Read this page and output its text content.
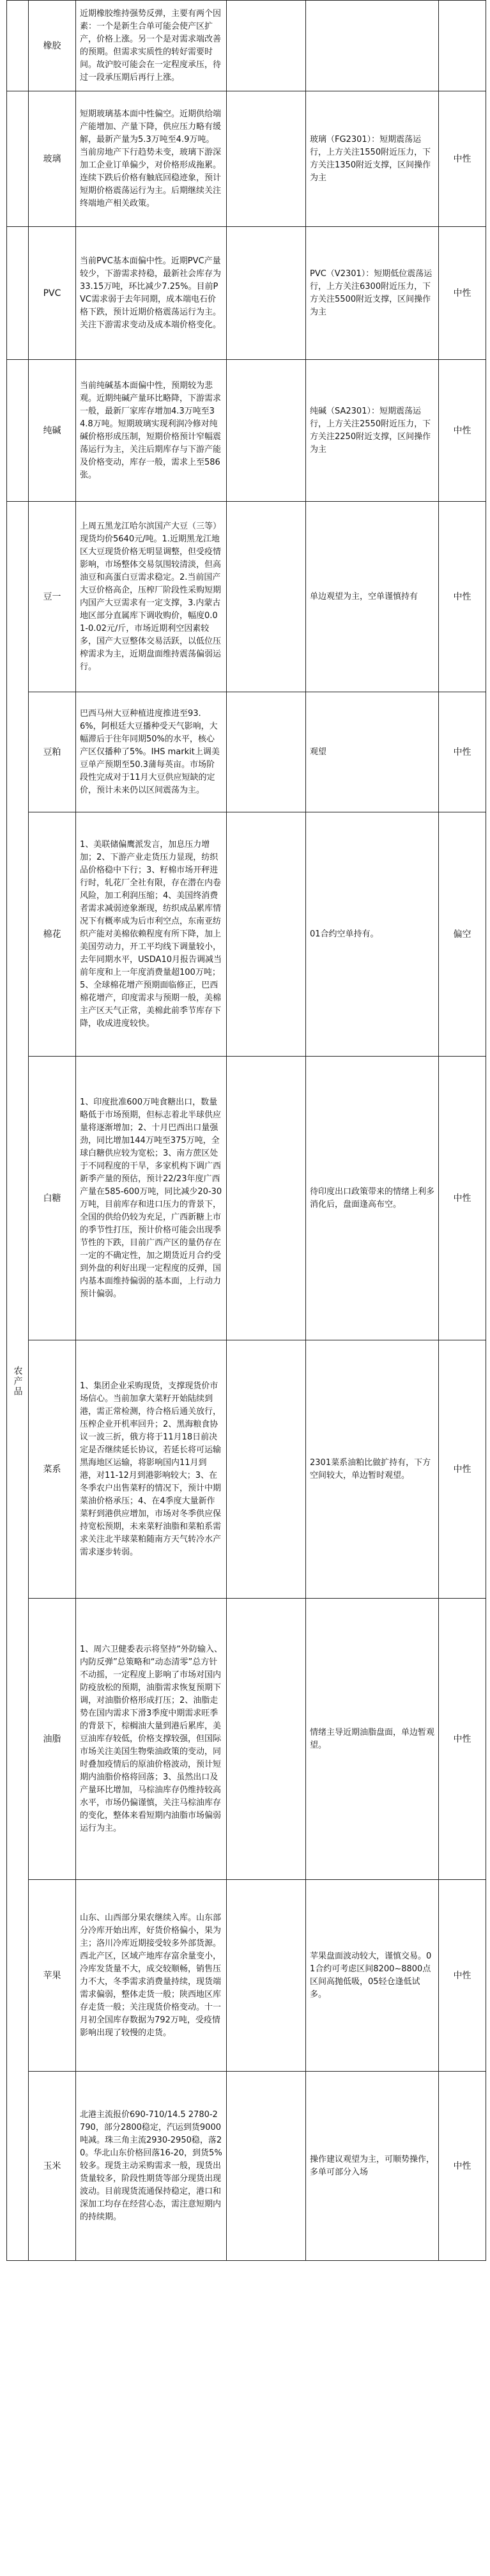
	橡胶	近期橡胶维持强势反弹，主要有两个因素：一个是新生合单可能会使产区扩产，价格上涨。另一个是对需求端改善的预期。但需求实质性的转好需要时间。故沪胶可能会在一定程度承压，待过一段承压期后再行上涨。			
	玻璃	短期玻璃基本面中性偏空。近期供给端产能增加、产量下降，供应压力略有缓解，最新产量为5.3万吨至4.9万吨。当前房地产下行趋势未变，玻璃下游深加工企业订单偏少，对价格形成拖累。连续下跌后价格有触底回稳迹象，预计短期价格震荡运行为主。后期继续关注终端地产相关政策。		玻璃（FG2301）：短期震荡运行，上方关注1550附近压力，下方关注1350附近支撑，区间操作为主	中性
	PVC	当前PVC基本面偏中性。近期PVC产量较少，下游需求持稳，最新社会库存为33.15万吨，环比减少7.25%。目前PVC需求弱于去年同期，成本端电石价格下跌，预计近期价格震荡运行为主。关注下游需求变动及成本端价格变化。		PVC（V2301）：短期低位震荡运行，上方关注6300附近压力，下方关注5500附近支撑，区间操作为主	中性
	纯碱	当前纯碱基本面偏中性，预期较为悲观。近期纯碱产量环比略降，下游需求一般，最新厂家库存增加4.3万吨至34.8万吨。短期玻璃实现利润冷修对纯碱价格形成压制，短期价格预计窄幅震荡运行为主，关注后期库存与下游产能及价格变动，库存一般，需求上至586张。		纯碱（SA2301）：短期震荡运行，上方关注2550附近压力，下方关注2250附近支撑，区间操作为主	中性
农产品	豆一	上周五黑龙江哈尔滨国产大豆（三等）现货均价5640元/吨。1.近期黑龙江地区大豆现货价格无明显调整，但受疫情影响，市场整体交易氛围较清淡，但高油豆和高蛋白豆需求稳定。2.当前国产大豆价格高企，压榨厂阶段性采购短期内国产大豆需求有一定支撑，3.内蒙古地区部分直属库下调收购价，幅度0.01-0.02元/斤，市场近期利空因素较多，国产大豆整体交易活跃，以低位压榨需求为主，近期盘面维持震荡偏弱运行。		单边观望为主，空单谨慎持有	中性
	豆粕	巴西马州大豆种植进度推进至93.6%，阿根廷大豆播种受天气影响，大幅滞后于往年同期50%的水平，核心产区仅播种了5%。IHS markit上调美豆单产预期至50.3蒲每英亩。市场阶段性完成对于11月大豆供应短缺的定价，预计未来仍以区间震荡为主。		观望	中性
	棉花	1、美联储偏鹰派发言，加息压力增加；2、下游产业走货压力显现，纺织品价格稳中下行；3、籽棉市场开秤进行时，轧花厂全社有限，存在潜在内卷风险，加工利润压缩；4、美国终消费者需求减弱迹象渐现，纺织成品累库情况下有概率成为后市利空点，东南亚纺织产能对美棉依赖程度有所下降，加上美国劳动力，开工平均线下调量较小，去年同期水平，USDA10月报告调减当前年度和上一年度消费量超100万吨；5、全球棉花增产预期面临修正，巴西棉花增产，印度需求与预期一般，美棉主产区天气正常，美棉此前季节库存下降，收成进度较快。		01合约空单持有。	偏空
	白糖	1、印度批准600万吨食糖出口，数量略低于市场预期，但标志着北半球供应量将逐渐增加；2、十月巴西出口量强劲，同比增加144万吨至375万吨，全球白糖供应较为宽松；3、南方蔗区处于不同程度的干旱，多家机构下调广西新季产量的预估，预计22/23年度广西产量在585-600万吨，同比减少20-30万吨，目前库存和进口压力的背景下，全国的供给仍较为充足，广西新糖上市的季节性打压，预计价格可能会出现季节性的下跌，目前广西产区的量仍存在一定的不确定性，加之期货近月合约受到外盘的利好出现一定程度的反弹，国内基本面维持偏弱的基本面，上行动力预计偏弱。		待印度出口政策带来的情绪上利多消化后，盘面逢高布空。	中性
	菜系	1、集团企业采购现货，支撑现货价市场信心。当前加拿大菜籽开始陆续到港，需正常检测，待合格后通关放行，压榨企业开机率回升；2、黑海粮食协议一波三折，俄方将于11月18日前决定是否继续延长协议，若延长将可运输黑海地区运输，将影响国内11月到港，对11-12月到港影响较大；3、在冬季农户出售菜籽的情况下，预计中期菜油价格承压；4、在4季度大量新作菜籽到港供应增加，市场对冬季供应保持宽松预期，未来菜籽油脂和菜粕系需求关注北半球菜粕随南方天气转冷水产需求逐步转弱。		2301菜系油粕比做扩持有，下方空间较大，单边暂时观望。	中性
	油脂	1、周六卫健委表示将坚持“外防输入、内防反弹”总策略和“动态清零”总方针不动摇，一定程度上影响了市场对国内防疫放松的预期，油脂需求恢复预期下调，对油脂价格形成打压；2、油脂走势在国内需求下滑3季度中期需求旺季的背景下，棕榈油大量到港后累库，美豆油库存较低，价格支撑较强，但国际市场关注美国生物柴油政策的变动，同时叠加疫情后的原油价格波动，预计短期内油脂价格将回落；3、虽然出口及产量环比增加，马棕油库存仍维持较高水平，市场仍偏谨慎，关注马棕油库存的变化，整体来看短期内油脂市场偏弱运行为主。		情绪主导近期油脂盘面，单边暂观望。	中性
	苹果	山东、山西部分果农继续入库。山东部分冷库开始出库，好货价格偏小，果为主；洛川冷库近期接受较多外部货源。西北产区，区域产地库存富余量变小，冷库发货量不大，成交较顺畅，销售压力不大，冬季需求消费量持续，现货端需求偏弱，整体走货一般；陕西地区库存走货一般；关注现货价格变动。十一月初全国库存数据为792万吨，受疫情影响出现了较慢的走货。		苹果盘面波动较大，谨慎交易。01合约可考虑区间8200~8800点区间高抛低吸，05轻仓逢低试多。	中性
	玉米	北港主流报价690-710/14.5 2780-2790，部分2800稳定，汽运到货9000吨减。珠三角主流2930-2950稳，落20。华北山东价格回落16-20，到货5%较多。现货主动采购需求一般，现货出货量较多，阶段性期货等部分现货出现波动。目前现货流通保持稳定，港口和深加工均存在经营心态，需注意短期内的持续期。		操作建议观望为主，可顺势操作，多单可部分入场	中性
